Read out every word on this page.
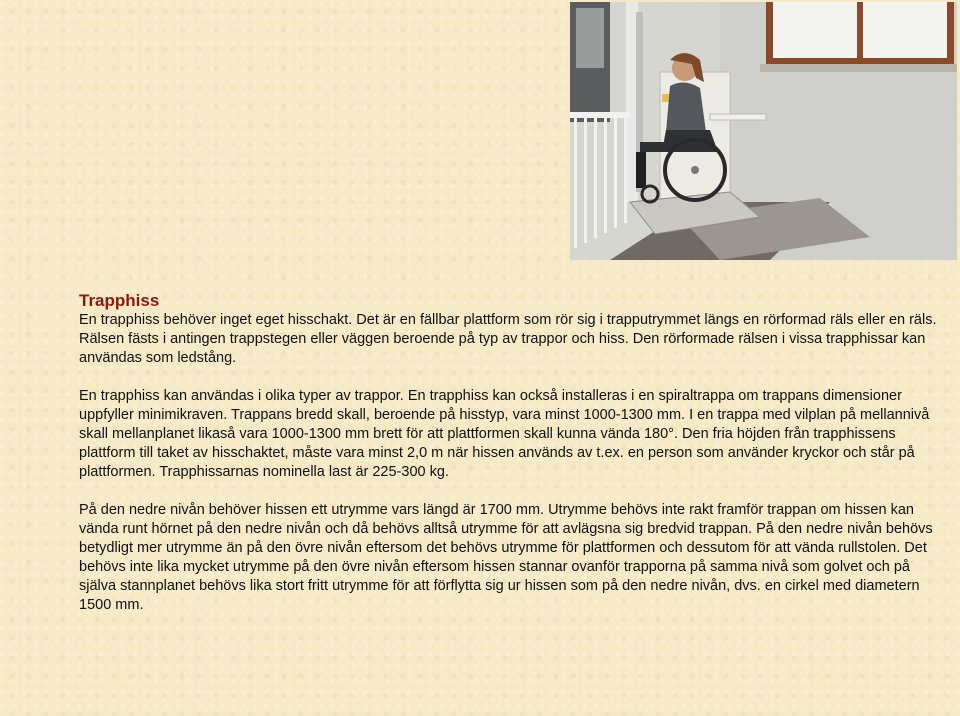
Trapphiss

En trapphiss behöver inget eget hisschakt. Det är en fällbar plattform som rör sig i trapputrymmet längs en rörformad räls eller en räls. Rälsen fästs i antingen trappstegen eller väggen beroende på typ av trappor och hiss. Den rörformade rälsen i vissa trapphissar kan användas som ledstång.

En trapphiss kan användas i olika typer av trappor. En trapphiss kan också installeras i en spiraltrappa om trappans dimensioner uppfyller minimikraven. Trappans bredd skall, beroende på hisstyp, vara minst 1000-1300 mm. I en trappa med vilplan på mellannivå skall mellanplanet likaså vara 1000-1300 mm brett för att plattformen skall kunna vända 180°. Den fria höjden från trapphissens plattform till taket av hisschaktet, måste vara minst 2,0 m när hissen används av t.ex. en person som använder kryckor och står på plattformen. Trapphissarnas nominella last är 225-300 kg.

På den nedre nivån behöver hissen ett utrymme vars längd är 1700 mm. Utrymme behövs inte rakt framför trappan om hissen kan vända runt hörnet på den nedre nivån och då behövs alltså utrymme för att avlägsna sig bredvid trappan. På den nedre nivån behövs betydligt mer utrymme än på den övre nivån eftersom det behövs utrymme för plattformen och dessutom för att vända rullstolen. Det behövs inte lika mycket utrymme på den övre nivån eftersom hissen stannar ovanför trapporna på samma nivå som golvet och på själva stannplanet behövs lika stort fritt utrymme för att förflytta sig ur hissen som på den nedre nivån, dvs. en cirkel med diametern 1500 mm.
